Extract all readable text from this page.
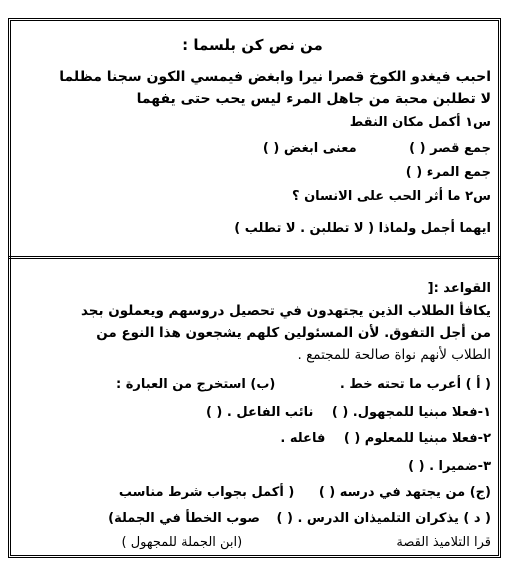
من نص كن بلسما :
احبب فيغدو الكوخ قصرا نيرا وابغض فيمسي الكون سجنا مظلما
لا تطلبن محبة من جاهل المرء ليس يحب حتى يفهما
س١ أكمل مكان النقط
جمع قصر ( ) معنى ابغض ( )
جمع المرء ( )
س٢ ما أثر الحب على الانسان ؟
ايهما أجمل ولماذا ( لا تطلبن . لا تطلب )
القواعد :[
يكافأ الطلاب الذين يجتهدون في تحصيل دروسهم ويعملون بجد
من أجل التفوق. لأن المسئولين كلهم يشجعون هذا النوع من
الطلاب لأنهم نواة صالحة للمجتمع .
( أ ) أعرب ما تحته خط . (ب) استخرج من العبارة :
١-فعلا مبنيا للمجهول. ( ) نائب الفاعل . ( )
٢-فعلا مبنيا للمعلوم ( ) فاعله .
٣-ضميرا . ( )
(ج) من يجتهد في درسه ( ) ( أكمل بجواب شرط مناسب
( د ) يذكران التلميذان الدرس . ( ) صوب الخطأ في الجملة)
قرا التلاميذ القصة (ابن الجملة للمجهول )
